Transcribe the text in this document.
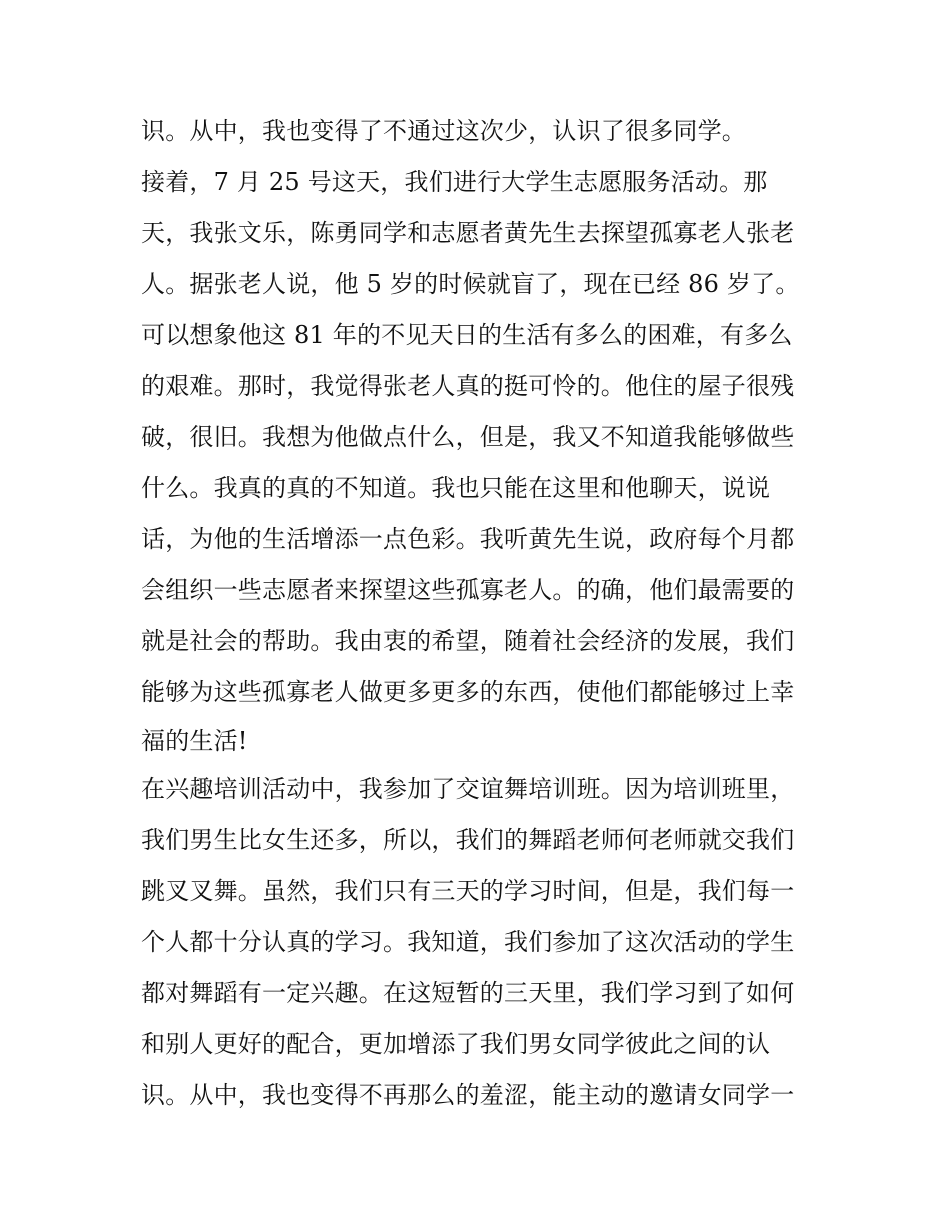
识。从中，我也变得了不通过这次少，认识了很多同学。
接着，7 月 25 号这天，我们进行大学生志愿服务活动。那
天，我张文乐，陈勇同学和志愿者黄先生去探望孤寡老人张老
人。据张老人说，他 5 岁的时候就盲了，现在已经 86 岁了。
可以想象他这 81 年的不见天日的生活有多么的困难，有多么
的艰难。那时，我觉得张老人真的挺可怜的。他住的屋子很残
破，很旧。我想为他做点什么，但是，我又不知道我能够做些
什么。我真的真的不知道。我也只能在这里和他聊天，说说
话，为他的生活增添一点色彩。我听黄先生说，政府每个月都
会组织一些志愿者来探望这些孤寡老人。的确，他们最需要的
就是社会的帮助。我由衷的希望，随着社会经济的发展，我们
能够为这些孤寡老人做更多更多的东西，使他们都能够过上幸
福的生活!
在兴趣培训活动中，我参加了交谊舞培训班。因为培训班里，
我们男生比女生还多，所以，我们的舞蹈老师何老师就交我们
跳叉叉舞。虽然，我们只有三天的学习时间，但是，我们每一
个人都十分认真的学习。我知道，我们参加了这次活动的学生
都对舞蹈有一定兴趣。在这短暂的三天里，我们学习到了如何
和别人更好的配合，更加增添了我们男女同学彼此之间的认
识。从中，我也变得不再那么的羞涩，能主动的邀请女同学一
